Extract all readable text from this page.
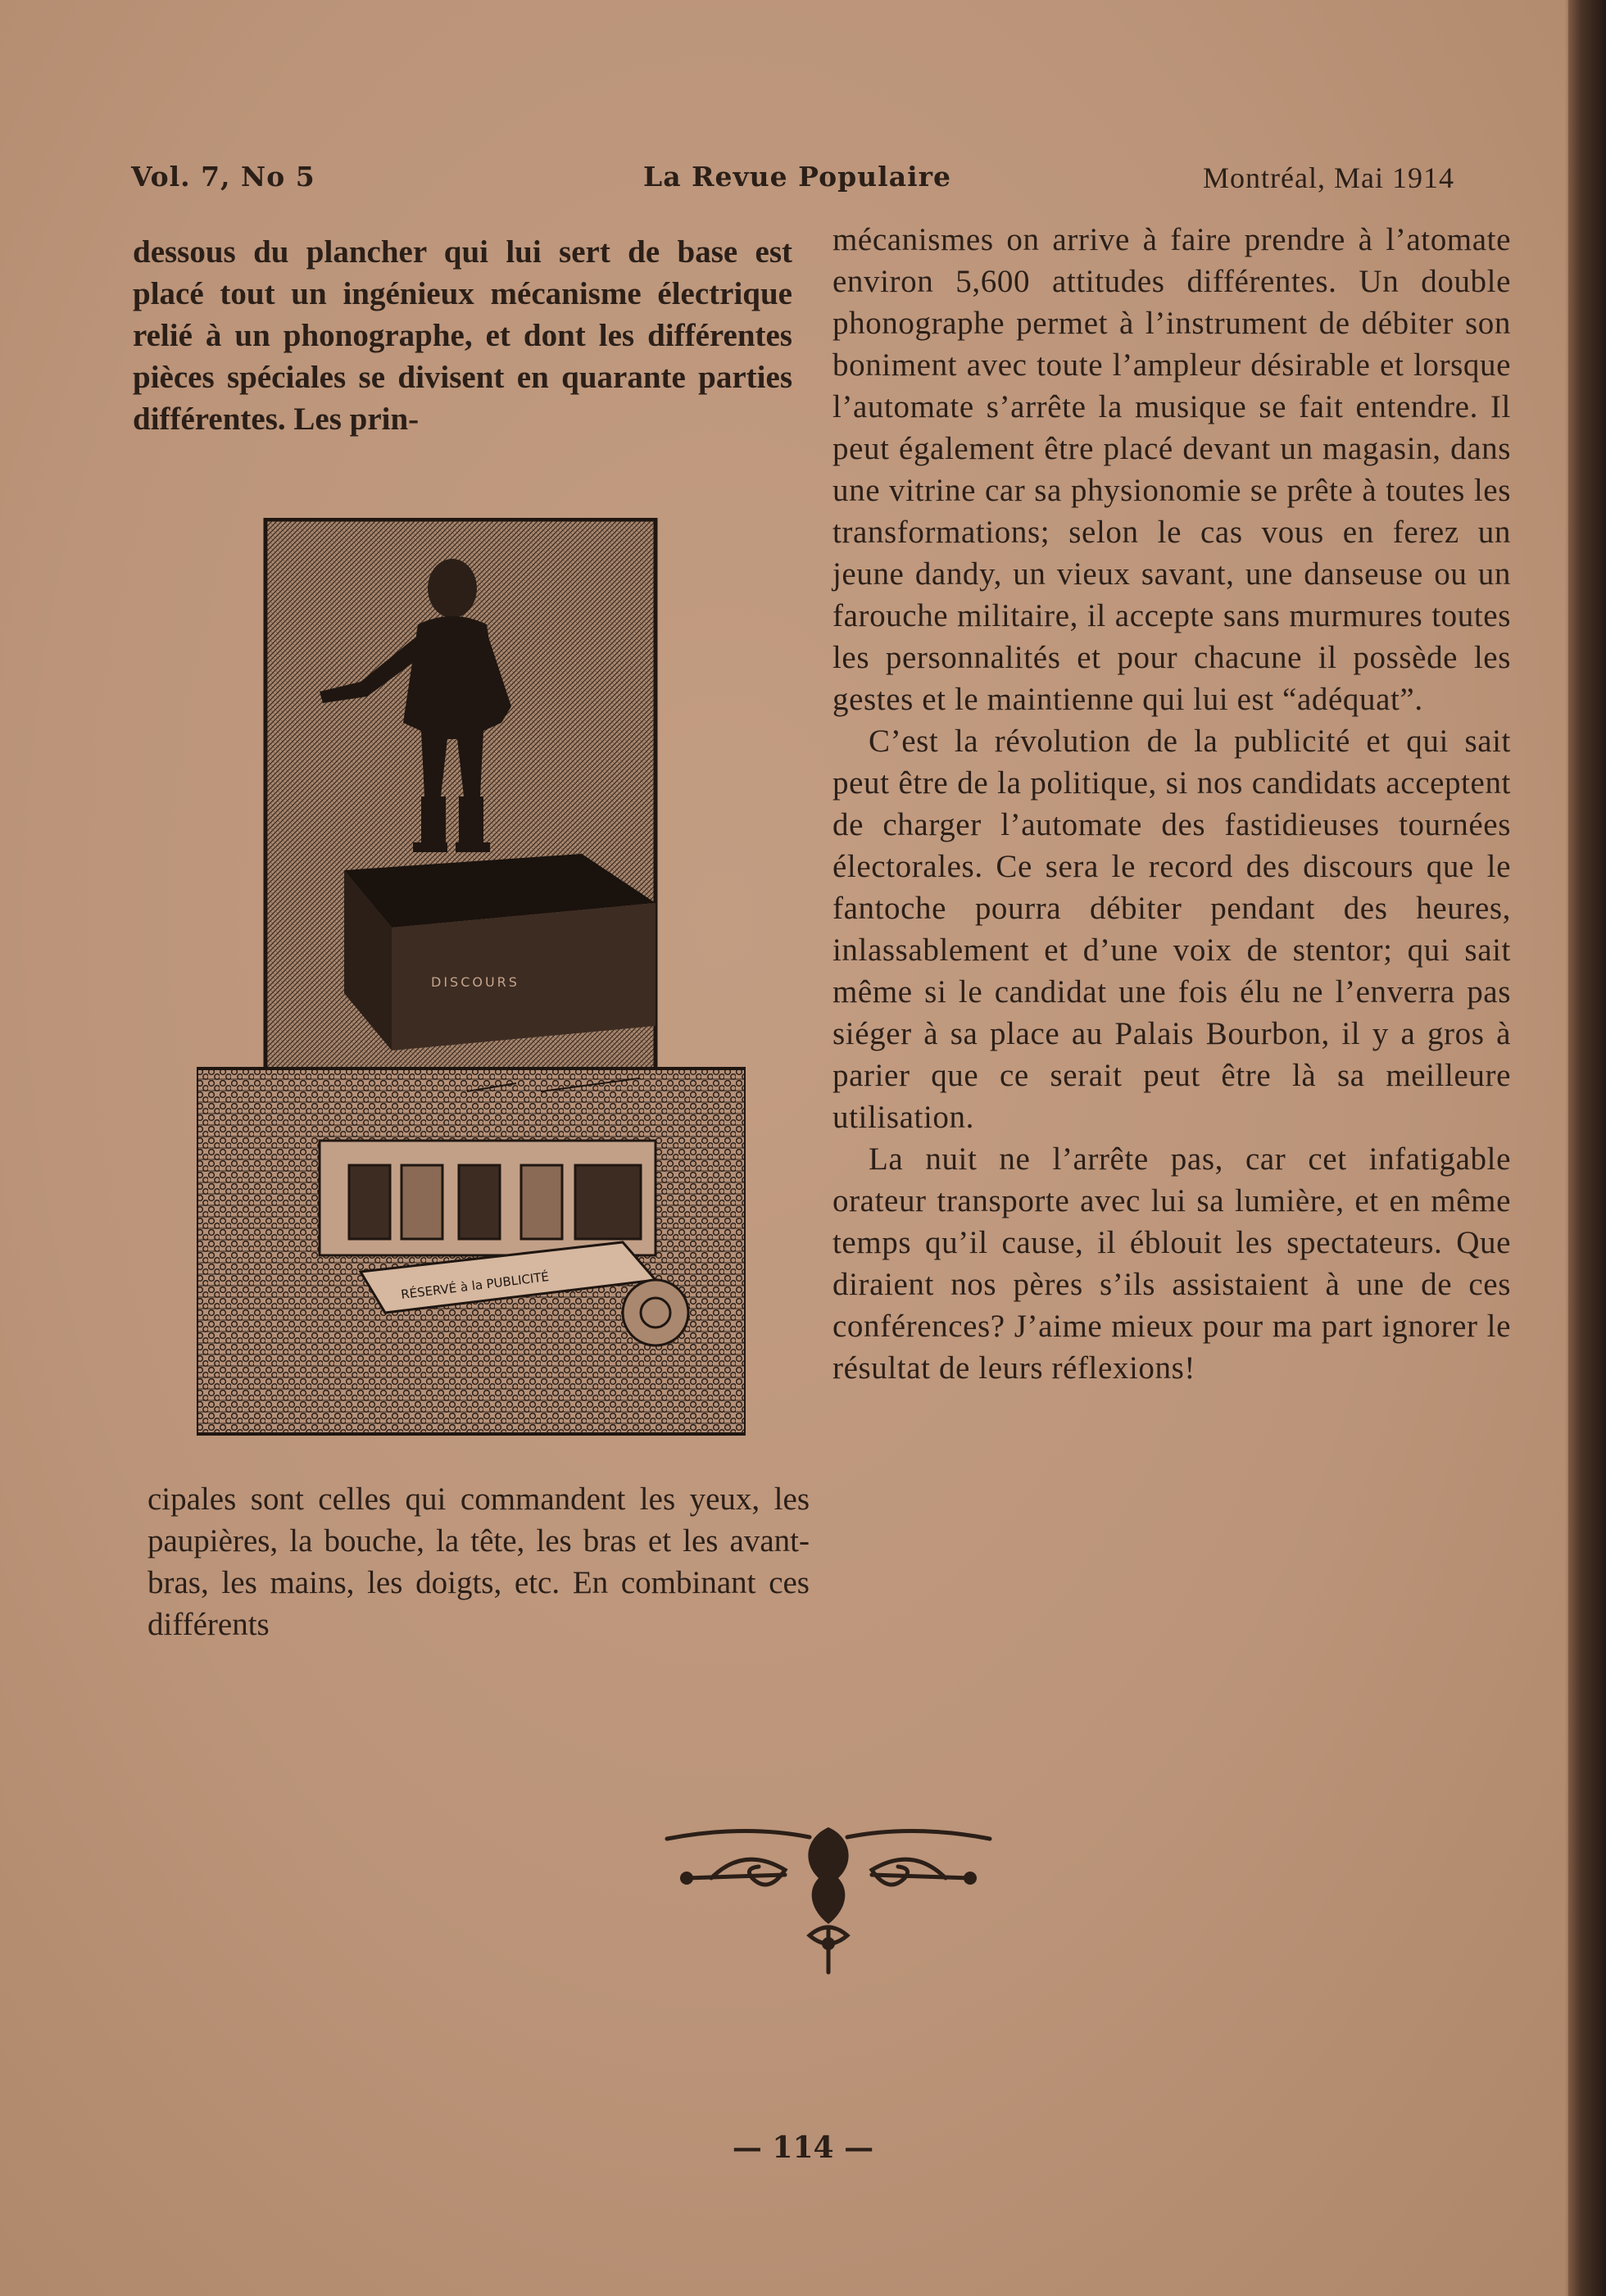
Vol. 7, No 5	La Revue Populaire	Montréal, Mai 1914

dessous du plancher qui lui sert de base est placé tout un ingénieux mécanisme électrique relié à un phonographe, et dont les différentes pièces spéciales se divisent en quarante parties différentes. Les prin-

DISCOURS
RÉSERVÉ à la PUBLICITÉ

cipales sont celles qui commandent les yeux, les paupières, la bouche, la tête, les bras et les avant-bras, les mains, les doigts, etc. En combinant ces différents

mécanismes on arrive à faire prendre à l’atomate environ 5,600 attitudes différentes. Un double phonographe permet à l’instrument de débiter son boniment avec toute l’ampleur désirable et lorsque l’automate s’arrête la musique se fait entendre. Il peut également être placé devant un magasin, dans une vitrine car sa physionomie se prête à toutes les transformations; selon le cas vous en ferez un jeune dandy, un vieux savant, une danseuse ou un farouche militaire, il accepte sans murmures toutes les personnalités et pour chacune il possède les gestes et le maintienne qui lui est “adéquat”.

C’est la révolution de la publicité et qui sait peut être de la politique, si nos candidats acceptent de charger l’automate des fastidieuses tournées électorales. Ce sera le record des discours que le fantoche pourra débiter pendant des heures, inlassablement et d’une voix de stentor; qui sait même si le candidat une fois élu ne l’enverra pas siéger à sa place au Palais Bourbon, il y a gros à parier que ce serait peut être là sa meilleure utilisation.

La nuit ne l’arrête pas, car cet infatigable orateur transporte avec lui sa lumière, et en même temps qu’il cause, il éblouit les spectateurs. Que diraient nos pères s’ils assistaient à une de ces conférences? J’aime mieux pour ma part ignorer le résultat de leurs réflexions!

— 114 —
